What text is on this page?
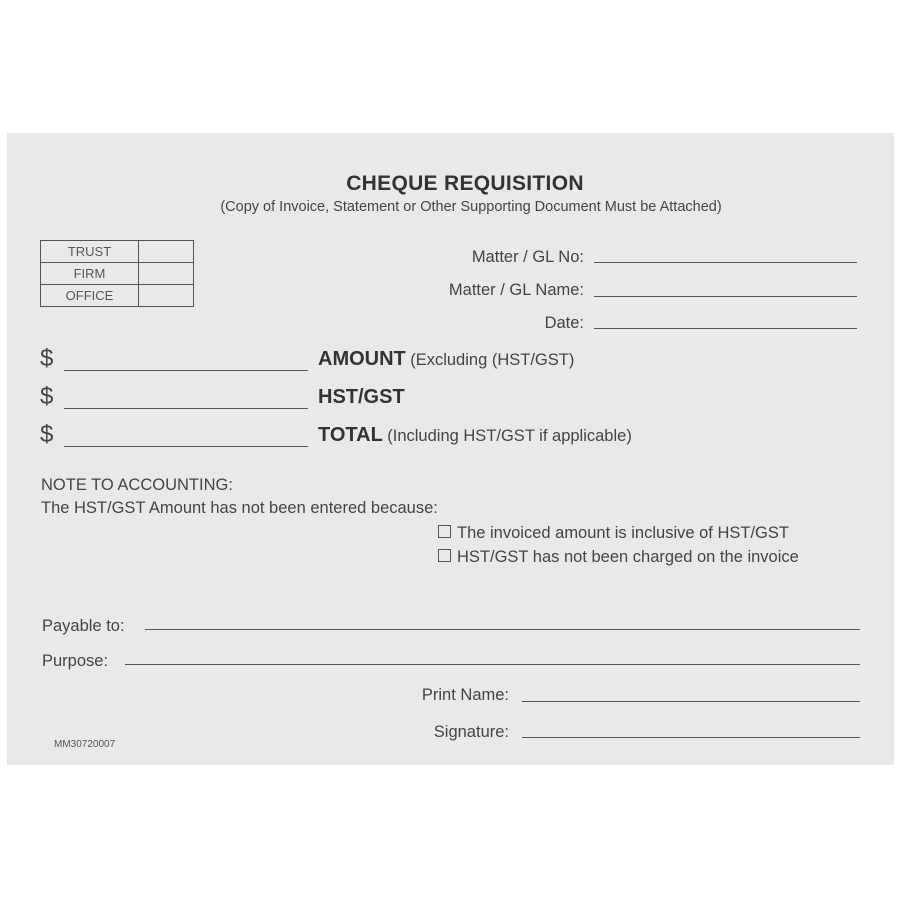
CHEQUE REQUISITION
(Copy of Invoice, Statement or Other Supporting Document Must be Attached)
TRUST	
FIRM	
OFFICE	
Matter / GL No:
Matter / GL Name:
Date:
$	AMOUNT (Excluding (HST/GST)
$	HST/GST
$	TOTAL (Including HST/GST if applicable)
NOTE TO ACCOUNTING:
The HST/GST Amount has not been entered because:
The invoiced amount is inclusive of HST/GST
HST/GST has not been charged on the invoice
Payable to:
Purpose:
Print Name:
Signature:
MM30720007
